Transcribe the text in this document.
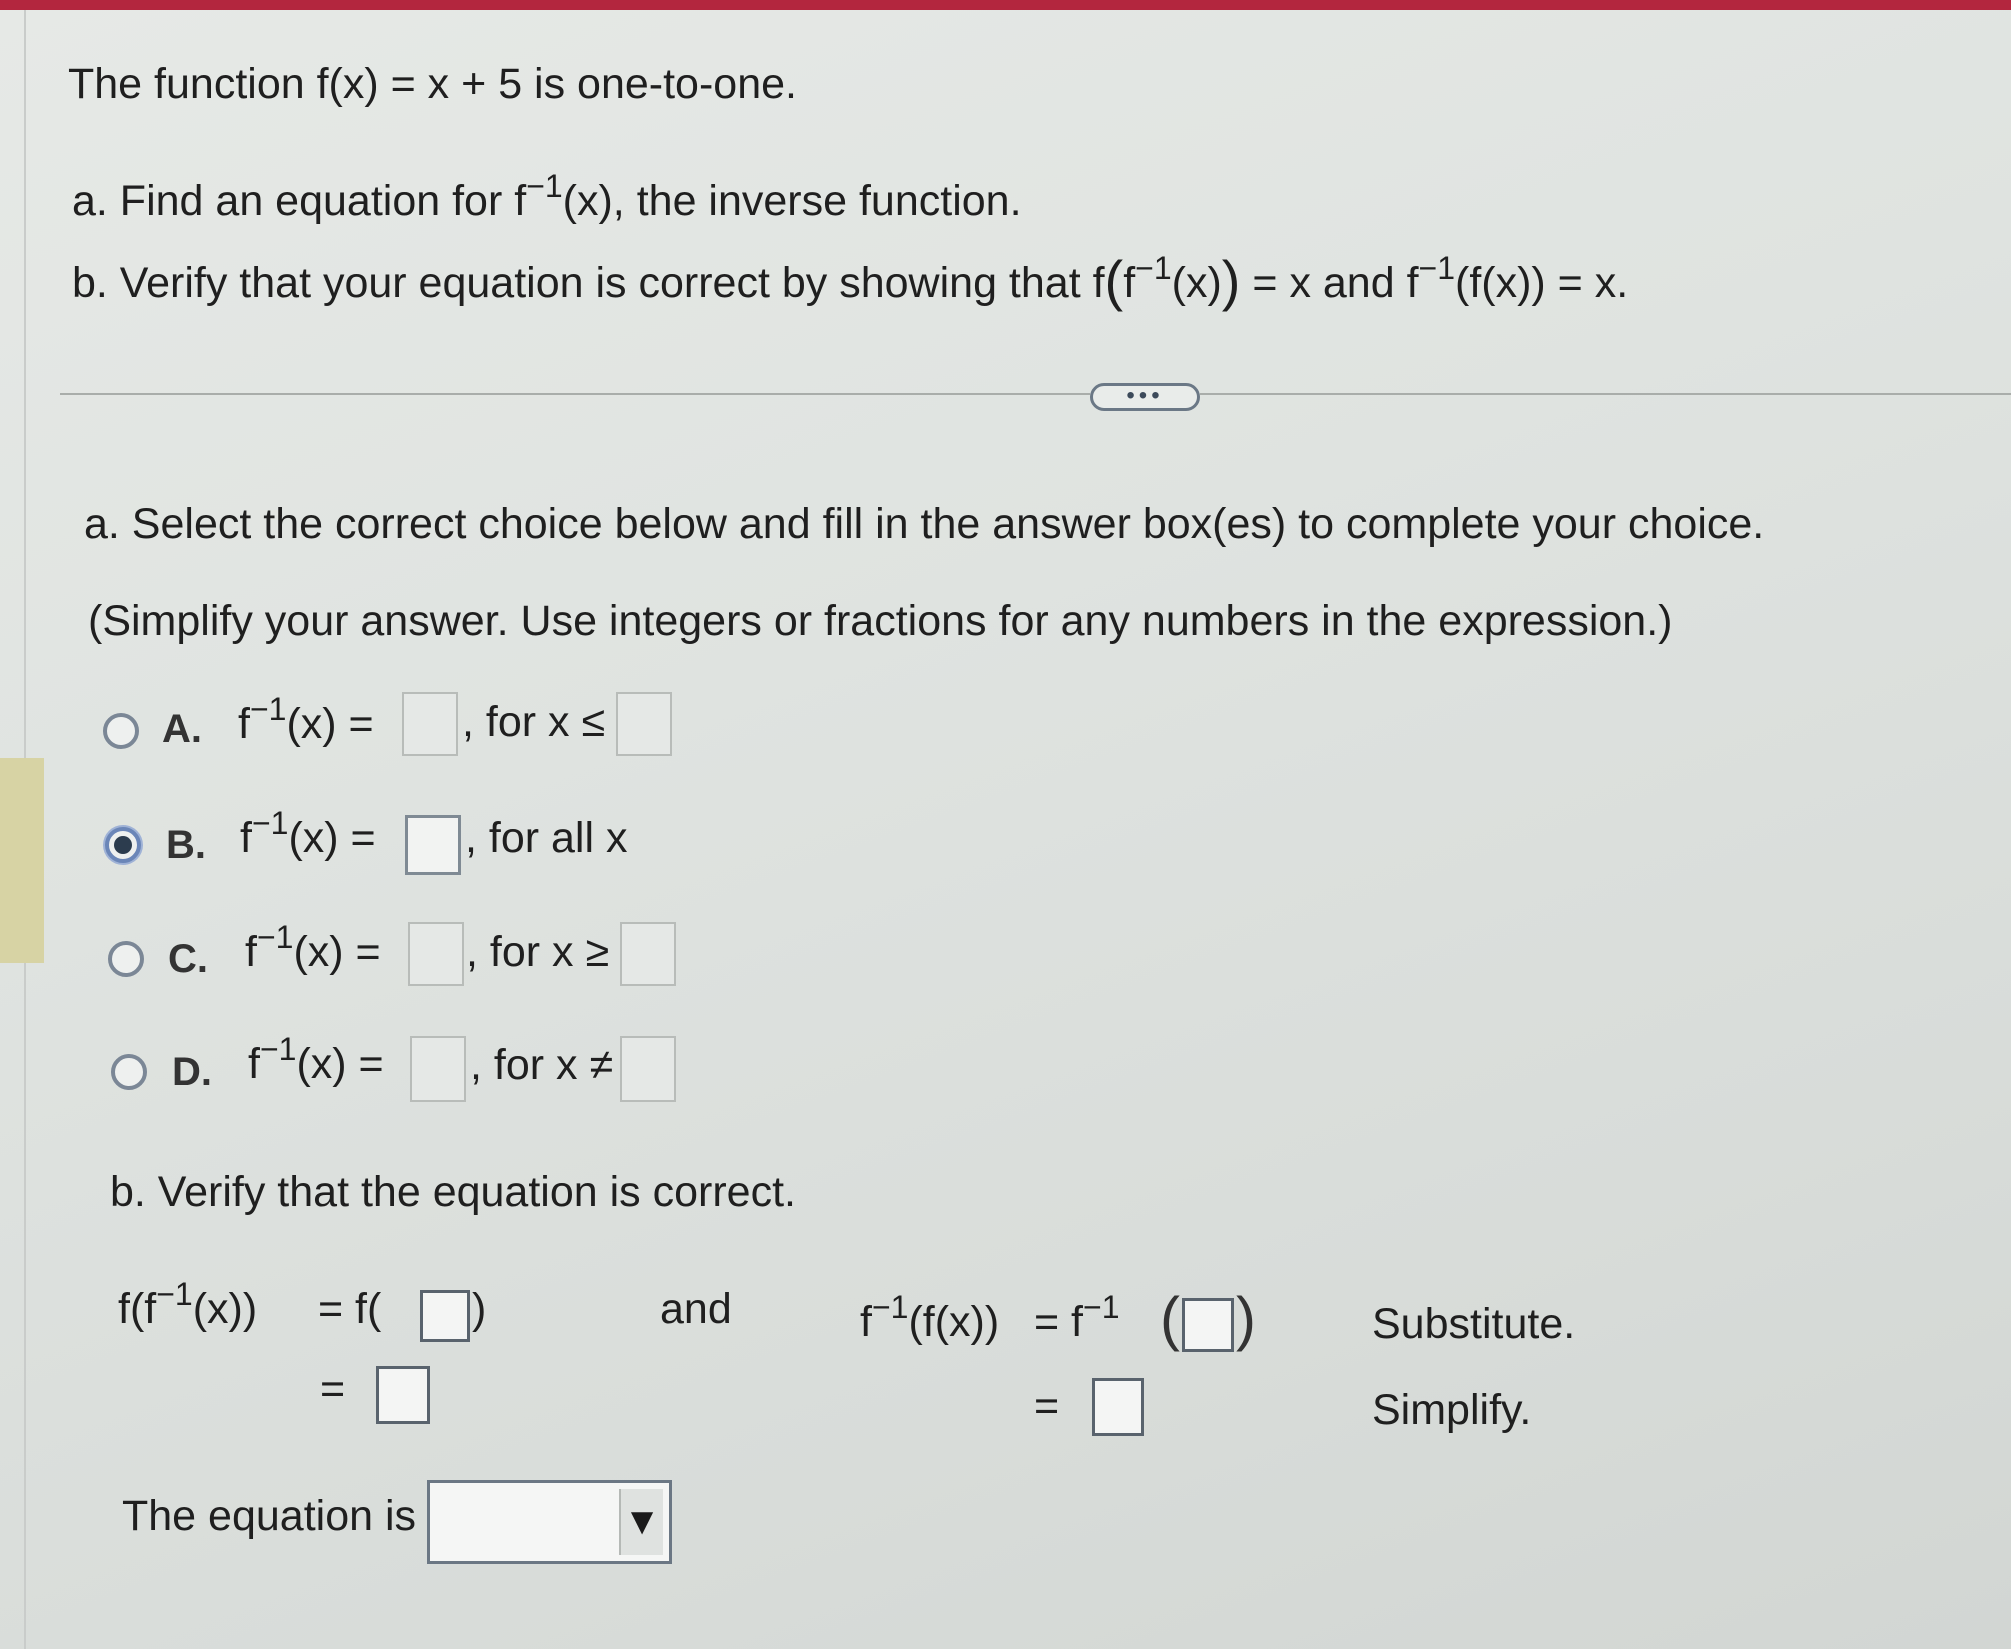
The function f(x) = x + 5 is one-to-one.
a. Find an equation for $f^{-1}(x)$, the inverse function.
b. Verify that your equation is correct by showing that $f(f^{-1}(x)) = x$ and $f^{-1}(f(x)) = x$.
•••
a. Select the correct choice below and fill in the answer box(es) to complete your choice.
(Simplify your answer. Use integers or fractions for any numbers in the expression.)
A. $f^{-1}(x)$ = , for x ≤
B. $f^{-1}(x)$ = , for all x
C. $f^{-1}(x)$ = , for x ≥
D. $f^{-1}(x)$ = , for x ≠
b. Verify that the equation is correct.
$f(f^{-1}(x)) = f$( )
=
and	$f^{-1}(f(x)) = f^{-1}$ ( )
=
Substitute.
Simplify.
The equation is	▼
